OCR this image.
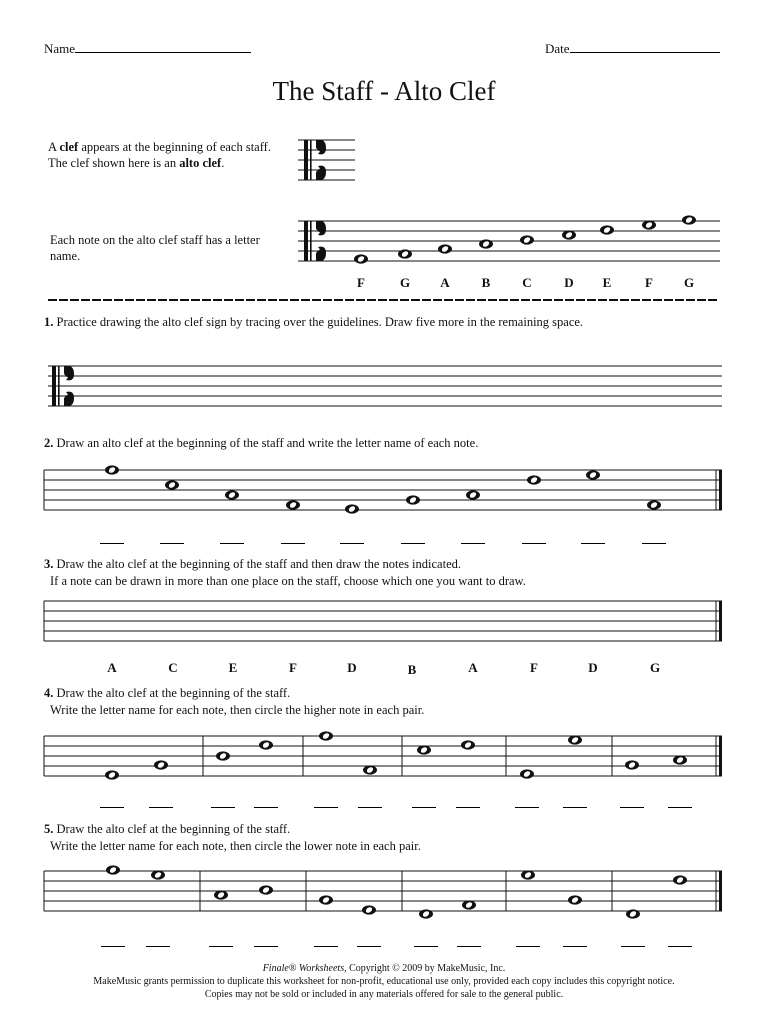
Name	Date
The Staff - Alto Clef
A clef appears at the beginning of each staff. The clef shown here is an alto clef.
Each note on the alto clef staff has a letter name.
F	G	A	B	C	D	E	F	G
1. Practice drawing the alto clef sign by tracing over the guidelines. Draw five more in the remaining space.
2. Draw an alto clef at the beginning of the staff and write the letter name of each note.
3. Draw the alto clef at the beginning of the staff and then draw the notes indicated.
If a note can be drawn in more than one place on the staff, choose which one you want to draw.
4. Draw the alto clef at the beginning of the staff.
Write the letter name for each note, then circle the higher note in each pair.
5. Draw the alto clef at the beginning of the staff.
Write the letter name for each note, then circle the lower note in each pair.
A	C	E	F	D	B	A	F	D	G
Finale® Worksheets, Copyright © 2009 by MakeMusic, Inc.
MakeMusic grants permission to duplicate this worksheet for non-profit, educational use only, provided each copy includes this copyright notice.
Copies may not be sold or included in any materials offered for sale to the general public.
